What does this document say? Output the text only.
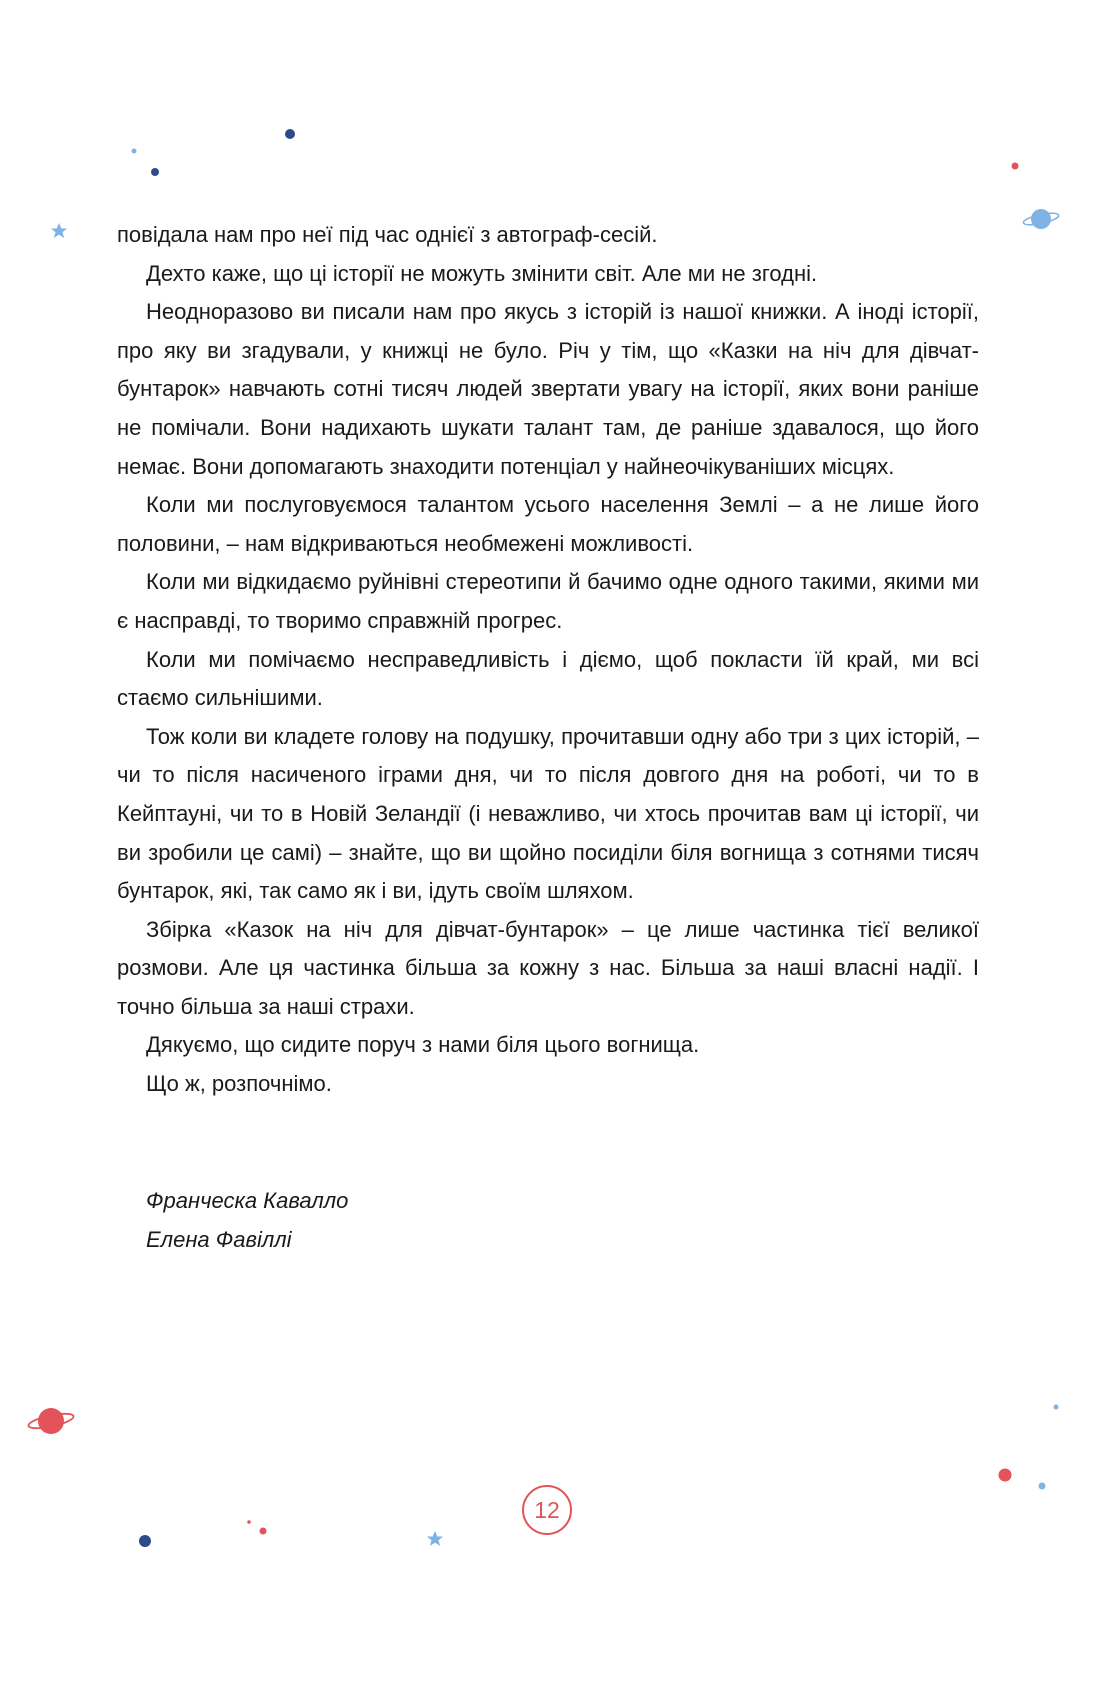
повідала нам про неї під час однієї з автограф-сесій.

Дехто каже, що ці історії не можуть змінити світ. Але ми не згодні.

Неодноразово ви писали нам про якусь з історій із нашої книжки. А іноді історії, про яку ви згадували, у книжці не було. Річ у тім, що «Казки на ніч для дівчат-бунтарок» навчають сотні тисяч людей звертати увагу на історії, яких вони раніше не помічали. Вони надихають шукати талант там, де раніше здавалося, що його немає. Вони допомагають знаходити потенціал у найнеочікуваніших місцях.

Коли ми послуговуємося талантом усього населення Землі – а не лише його половини, – нам відкриваються необмежені можливості.

Коли ми відкидаємо руйнівні стереотипи й бачимо одне одного такими, якими ми є насправді, то творимо справжній прогрес.

Коли ми помічаємо несправедливість і діємо, щоб покласти їй край, ми всі стаємо сильнішими.

Тож коли ви кладете голову на подушку, прочитавши одну або три з цих історій, – чи то після насиченого іграми дня, чи то після довгого дня на роботі, чи то в Кейптауні, чи то в Новій Зеландії (і неважливо, чи хтось прочитав вам ці історії, чи ви зробили це самі) – знайте, що ви щойно посиділи біля вогнища з сотнями тисяч бунтарок, які, так само як і ви, ідуть своїм шляхом.

Збірка «Казок на ніч для дівчат-бунтарок» – це лише частинка тієї великої розмови. Але ця частинка більша за кожну з нас. Більша за наші власні надії. І точно більша за наші страхи.

Дякуємо, що сидите поруч з нами біля цього вогнища.

Що ж, розпочнімо.

Франческа Кавалло
Елена Фавіллі
12
